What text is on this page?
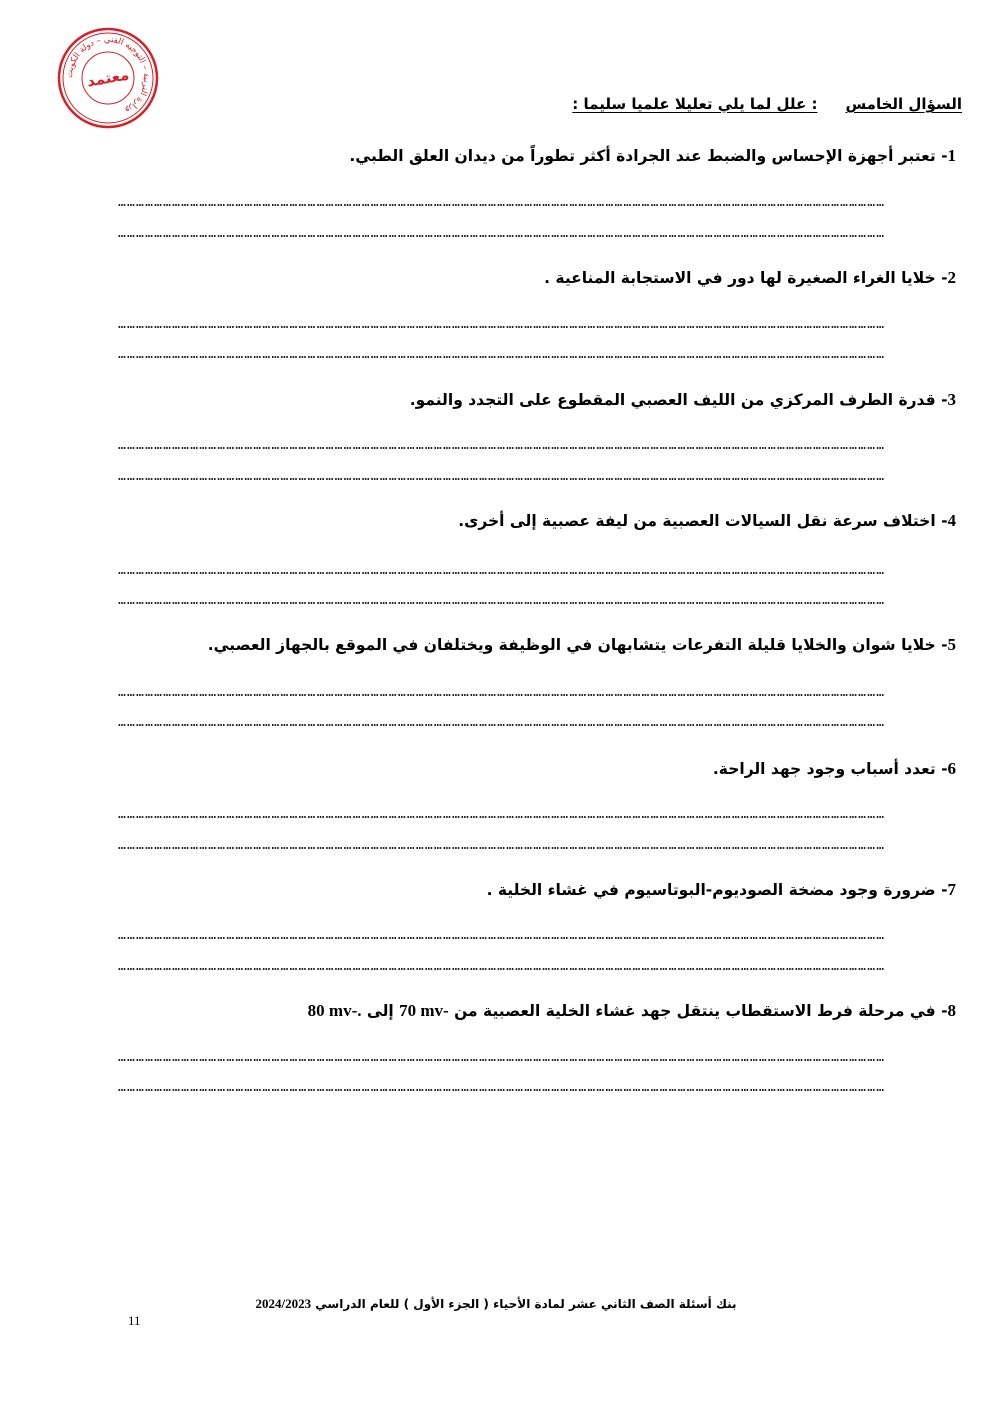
وزارة التربية – التوجيه الفني – دولة الكويت
معتمد
السؤال الخامس: علل لما يلي تعليلا علميا سليما :
1- تعتبر أجهزة الإحساس والضبط عند الجرادة أكثر تطوراً من ديدان العلق الطبي.
…………………………………………………………………………………………………………………………………………………………………………………………………………………………………
…………………………………………………………………………………………………………………………………………………………………………………………………………………………………
2- خلايا الغراء الصغيرة لها دور في الاستجابة المناعية .
…………………………………………………………………………………………………………………………………………………………………………………………………………………………………
…………………………………………………………………………………………………………………………………………………………………………………………………………………………………
3- قدرة الطرف المركزي من الليف العصبي المقطوع على التجدد والنمو.
…………………………………………………………………………………………………………………………………………………………………………………………………………………………………
…………………………………………………………………………………………………………………………………………………………………………………………………………………………………
4- اختلاف سرعة نقل السيالات العصبية من ليفة عصبية إلى أخرى.
…………………………………………………………………………………………………………………………………………………………………………………………………………………………………
…………………………………………………………………………………………………………………………………………………………………………………………………………………………………
5- خلايا شوان والخلايا قليلة التفرعات يتشابهان في الوظيفة ويختلفان في الموقع بالجهاز العصبي.
…………………………………………………………………………………………………………………………………………………………………………………………………………………………………
…………………………………………………………………………………………………………………………………………………………………………………………………………………………………
6- تعدد أسباب وجود جهد الراحة.
…………………………………………………………………………………………………………………………………………………………………………………………………………………………………
…………………………………………………………………………………………………………………………………………………………………………………………………………………………………
7- ضرورة وجود مضخة الصوديوم-البوتاسيوم في غشاء الخلية .
…………………………………………………………………………………………………………………………………………………………………………………………………………………………………
…………………………………………………………………………………………………………………………………………………………………………………………………………………………………
8- في مرحلة فرط الاستقطاب ينتقل جهد غشاء الخلية العصبية من 70 mv- إلى 80 mv-.
…………………………………………………………………………………………………………………………………………………………………………………………………………………………………
…………………………………………………………………………………………………………………………………………………………………………………………………………………………………
بنك أسئلة الصف الثاني عشر لمادة الأحياء ( الجزء الأول ) للعام الدراسي 2024/2023
11
